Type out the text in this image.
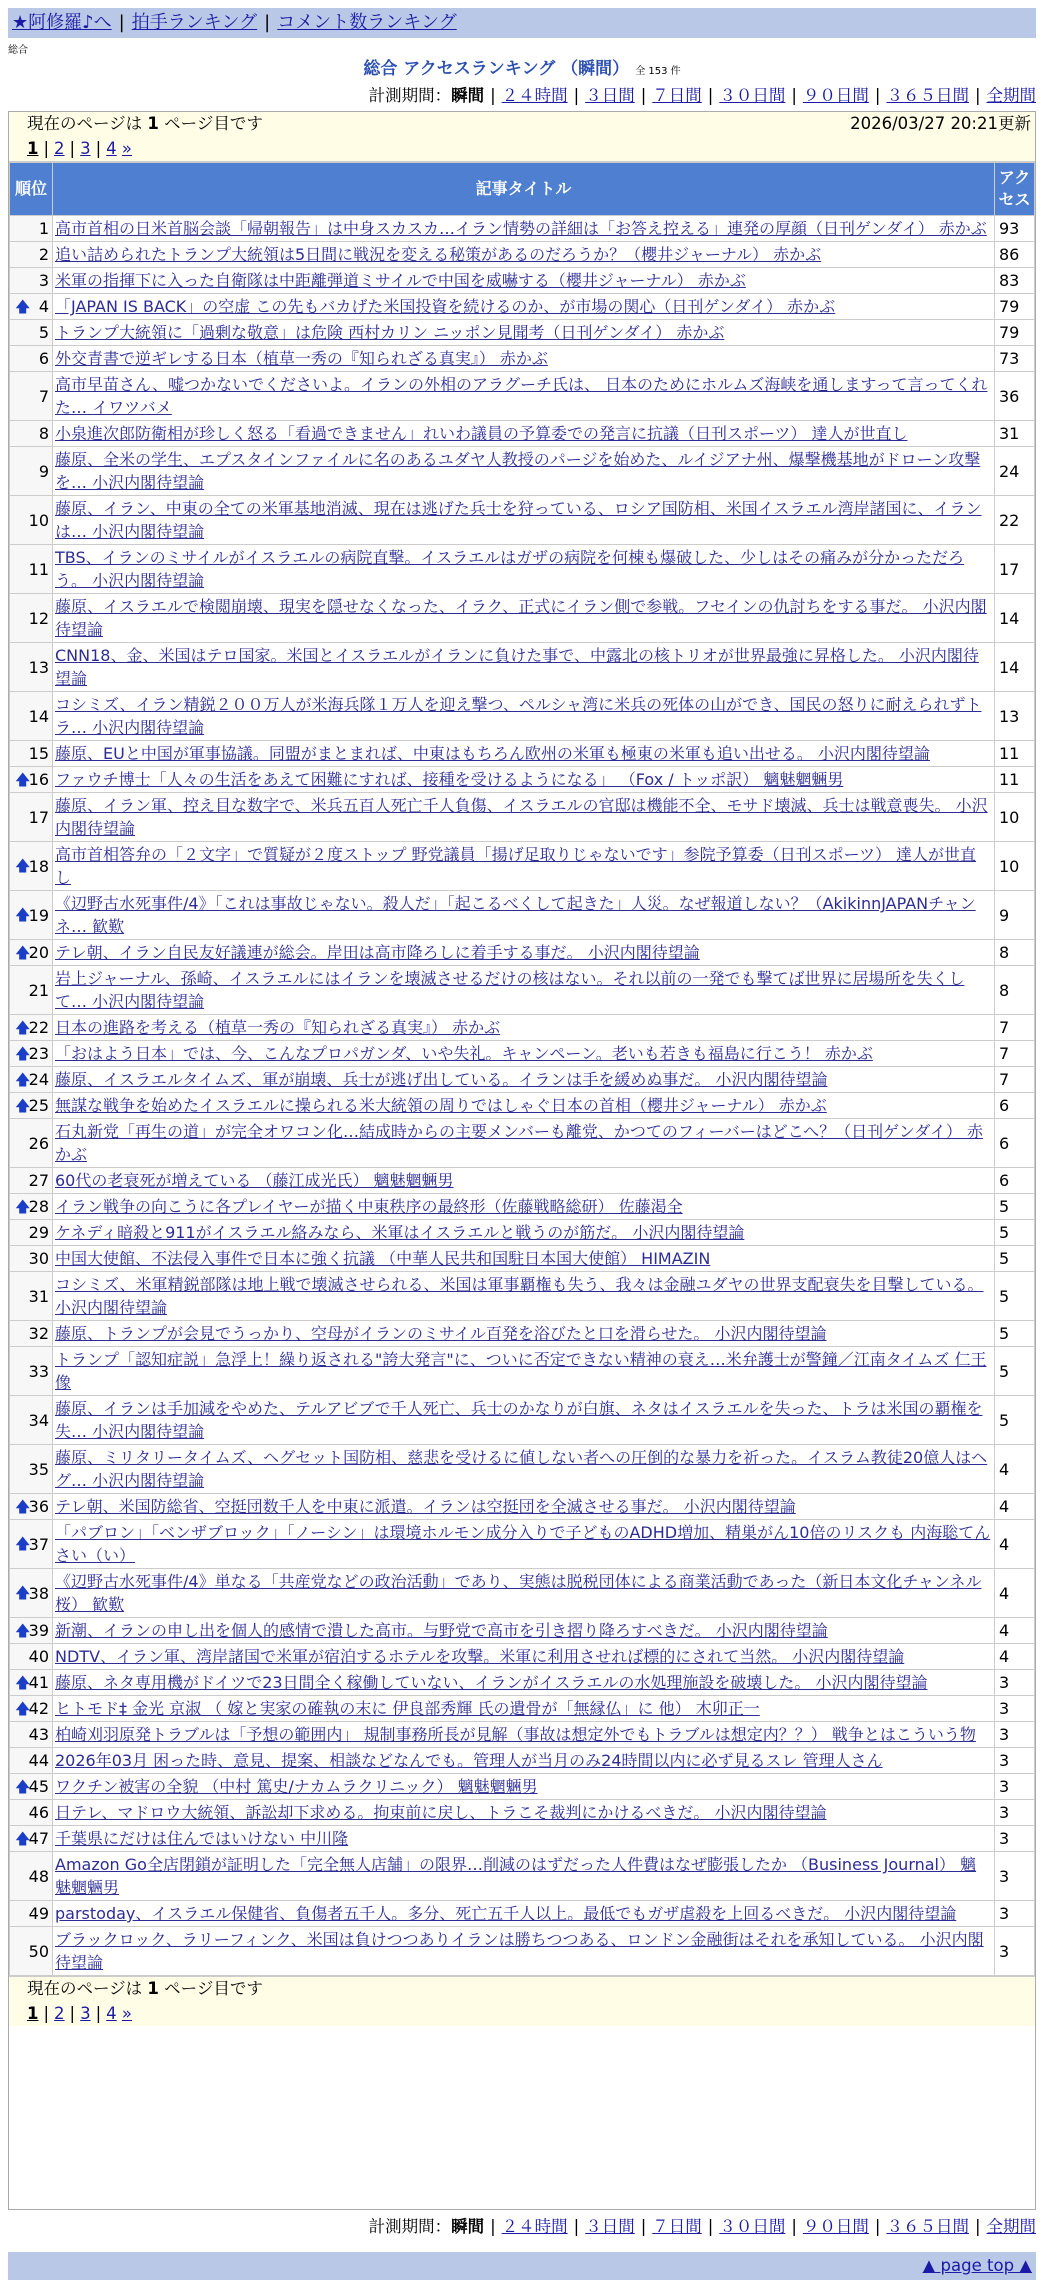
★阿修羅♪へ | 拍手ランキング | コメント数ランキング
総合
総合 アクセスランキング （瞬間） 全 153 件
計測期間：瞬間 | ２４時間 | ３日間 | ７日間 | ３０日間 | ９０日間 | ３６５日間 | 全期間
現在のページは 1 ページ目です	2026/03/27 20:21更新
1 | 2 | 3 | 4 »
順位	記事タイトル	アクセス
1	高市首相の日米首脳会談「帰朝報告」は中身スカスカ…イラン情勢の詳細は「お答え控える」連発の厚顔（日刊ゲンダイ） 赤かぶ	93
2	追い詰められたトランプ大統領は5日間に戦況を変える秘策があるのだろうか？（櫻井ジャーナル） 赤かぶ	86
3	米軍の指揮下に入った自衛隊は中距離弾道ミサイルで中国を威嚇する（櫻井ジャーナル） 赤かぶ	83

🡅 4	「JAPAN IS BACK」の空虚 この先もバカげた米国投資を続けるのか、が市場の関心（日刊ゲンダイ） 赤かぶ	79
5	トランプ大統領に「過剰な敬意」は危険 西村カリン ニッポン見聞考（日刊ゲンダイ） 赤かぶ	79
6	外交青書で逆ギレする日本（植草一秀の『知られざる真実』） 赤かぶ	73
7	高市早苗さん、嘘つかないでくださいよ。イランの外相のアラグーチ氏は、 日本のためにホルムズ海峡を通しますって言ってくれた… イワツバメ	36
8	小泉進次郎防衛相が珍しく怒る「看過できません」れいわ議員の予算委での発言に抗議（日刊スポーツ） 達人が世直し	31
9	藤原、全米の学生、エプスタインファイルに名のあるユダヤ人教授のパージを始めた、ルイジアナ州、爆撃機基地がドローン攻撃を… 小沢内閣待望論	24
10	藤原、イラン、中東の全ての米軍基地消滅、現在は逃げた兵士を狩っている、ロシア国防相、米国イスラエル湾岸諸国に、イランは… 小沢内閣待望論	22
11	TBS、イランのミサイルがイスラエルの病院直撃。イスラエルはガザの病院を何棟も爆破した、少しはその痛みが分かっただろう。 小沢内閣待望論	17
12	藤原、イスラエルで検閲崩壊、現実を隠せなくなった、イラク、正式にイラン側で参戦。フセインの仇討ちをする事だ。 小沢内閣待望論	14
13	CNN18、金、米国はテロ国家。米国とイスラエルがイランに負けた事で、中露北の核トリオが世界最強に昇格した。 小沢内閣待望論	14
14	コシミズ、イラン精鋭２００万人が米海兵隊１万人を迎え撃つ、ペルシャ湾に米兵の死体の山ができ、国民の怒りに耐えられずトラ… 小沢内閣待望論	13
15	藤原、EUと中国が軍事協議。同盟がまとまれば、中東はもちろん欧州の米軍も極東の米軍も追い出せる。 小沢内閣待望論	11

🡅
16	ファウチ博士「人々の生活をあえて困難にすれば、接種を受けるようになる」 （Fox / トッポ訳） 魑魅魍魎男	11
17	藤原、イラン軍、控え目な数字で、米兵五百人死亡千人負傷、イスラエルの官邸は機能不全、モサド壊滅、兵士は戦意喪失。 小沢内閣待望論	10

🡅
18	高市首相答弁の「２文字」で質疑が２度ストップ 野党議員「揚げ足取りじゃないです」参院予算委（日刊スポーツ） 達人が世直し	10

🡅
19	《辺野古水死事件/4》「これは事故じゃない。殺人だ」「起こるべくして起きた」人災。なぜ報道しない？（AkikinnJAPANチャンネ… 歓歎	9

🡅
20	テレ朝、イラン自民友好議連が総会。岸田は高市降ろしに着手する事だ。 小沢内閣待望論	8
21	岩上ジャーナル、孫崎、イスラエルにはイランを壊滅させるだけの核はない。それ以前の一発でも撃てば世界に居場所を失くして… 小沢内閣待望論	8

🡅
22	日本の進路を考える（植草一秀の『知られざる真実』） 赤かぶ	7

🡅
23	「おはよう日本」では、今、こんなプロパガンダ、いや失礼。キャンペーン。老いも若きも福島に行こう！ 赤かぶ	7

🡅
24	藤原、イスラエルタイムズ、軍が崩壊、兵士が逃げ出している。イランは手を緩めぬ事だ。 小沢内閣待望論	7

🡅
25	無謀な戦争を始めたイスラエルに操られる米大統領の周りではしゃぐ日本の首相（櫻井ジャーナル） 赤かぶ	6
26	石丸新党「再生の道」が完全オワコン化…結成時からの主要メンバーも離党、かつてのフィーバーはどこへ？（日刊ゲンダイ） 赤かぶ	6
27	60代の老衰死が増えている （藤江成光氏） 魑魅魍魎男	6

🡅
28	イラン戦争の向こうに各プレイヤーが描く中東秩序の最終形（佐藤戦略総研） 佐藤渇全	5
29	ケネディ暗殺と911がイスラエル絡みなら、米軍はイスラエルと戦うのが筋だ。 小沢内閣待望論	5
30	中国大使館、不法侵入事件で日本に強く抗議 （中華人民共和国駐日本国大使館） HIMAZIN	5
31	コシミズ、米軍精鋭部隊は地上戦で壊滅させられる、米国は軍事覇権も失う、我々は金融ユダヤの世界支配衰失を目撃している。 小沢内閣待望論	5
32	藤原、トランプが会見でうっかり、空母がイランのミサイル百発を浴びたと口を滑らせた。 小沢内閣待望論	5
33	トランプ「認知症説」急浮上！繰り返される"誇大発言"に、ついに否定できない精神の衰え…米弁護士が警鐘／江南タイムズ 仁王像	5
34	藤原、イランは手加減をやめた、テルアビブで千人死亡、兵士のかなりが白旗、ネタはイスラエルを失った、トラは米国の覇権を失… 小沢内閣待望論	5
35	藤原、ミリタリータイムズ、ヘグセット国防相、慈悲を受けるに値しない者への圧倒的な暴力を祈った。イスラム教徒20億人はヘグ… 小沢内閣待望論	4

🡅
36	テレ朝、米国防総省、空挺団数千人を中東に派遣。イランは空挺団を全滅させる事だ。 小沢内閣待望論	4

🡅
37	「パブロン」「ベンザブロック」「ノーシン」は環境ホルモン成分入りで子どものADHD増加、精巣がん10倍のリスクも 内海聡てんさい（い）	4

🡅
38	《辺野古水死事件/4》単なる「共産党などの政治活動」であり、実態は脱税団体による商業活動であった（新日本文化チャンネル桜） 歓歎	4

🡅
39	新潮、イランの申し出を個人的感情で潰した高市。与野党で高市を引き摺り降ろすべきだ。 小沢内閣待望論	4
40	NDTV、イラン軍、湾岸諸国で米軍が宿泊するホテルを攻撃。米軍に利用させれば標的にされて当然。 小沢内閣待望論	4

🡅
41	藤原、ネタ専用機がドイツで23日間全く稼働していない、イランがイスラエルの水処理施設を破壊した。 小沢内閣待望論	3

🡅
42	ヒトモド‡ 金光 京淑 （ 嫁と実家の確執の末に 伊良部秀輝 氏の遺骨が「無縁仏」に 他） 木卯正一	3
43	柏崎刈羽原発トラブルは「予想の範囲内」 規制事務所長が見解（事故は想定外でもトラブルは想定内？？） 戦争とはこういう物	3
44	2026年03月 困った時、意見、提案、相談などなんでも。管理人が当月のみ24時間以内に必ず見るスレ 管理人さん	3

🡅
45	ワクチン被害の全貌 （中村 篤史/ナカムラクリニック） 魑魅魍魎男	3
46	日テレ、マドロウ大統領、訴訟却下求める。拘束前に戻し、トラこそ裁判にかけるべきだ。 小沢内閣待望論	3

🡅
47	千葉県にだけは住んではいけない 中川隆	3
48	Amazon Go全店閉鎖が証明した「完全無人店舗」の限界…削減のはずだった人件費はなぜ膨張したか （Business Journal） 魑魅魍魎男	3
49	parstoday、イスラエル保健省、負傷者五千人。多分、死亡五千人以上。最低でもガザ虐殺を上回るべきだ。 小沢内閣待望論	3
50	ブラックロック、ラリーフィンク、米国は負けつつありイランは勝ちつつある、ロンドン金融街はそれを承知している。 小沢内閣待望論	3
現在のページは 1 ページ目です
1 | 2 | 3 | 4 »
計測期間：瞬間 | ２４時間 | ３日間 | ７日間 | ３０日間 | ９０日間 | ３６５日間 | 全期間
▲ page top ▲
